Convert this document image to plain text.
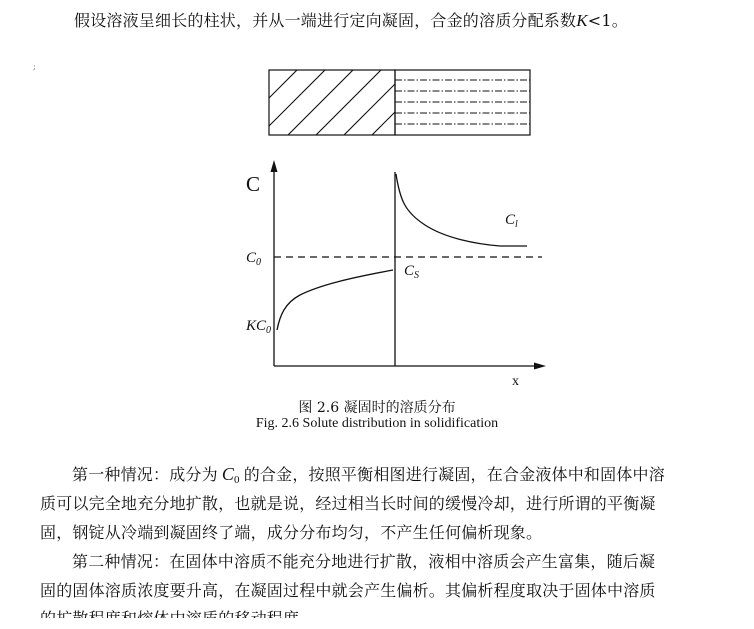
假设溶液呈细长的柱状，并从一端进行定向凝固，合金的溶质分配系数K<1。
;
C
x
$C_0$
$KC_0$
$C_l$
$C_S$
图 2.6 凝固时的溶质分布
Fig. 2.6 Solute distribution in solidification
第一种情况：成分为 $C_0$ 的合金，按照平衡相图进行凝固，在合金液体中和固体中溶
质可以完全地充分地扩散，也就是说，经过相当长时间的缓慢冷却，进行所谓的平衡凝
固，钢锭从冷端到凝固终了端，成分分布均匀，不产生任何偏析现象。
第二种情况：在固体中溶质不能充分地进行扩散，液相中溶质会产生富集，随后凝
固的固体溶质浓度要升高，在凝固过程中就会产生偏析。其偏析程度取决于固体中溶质
